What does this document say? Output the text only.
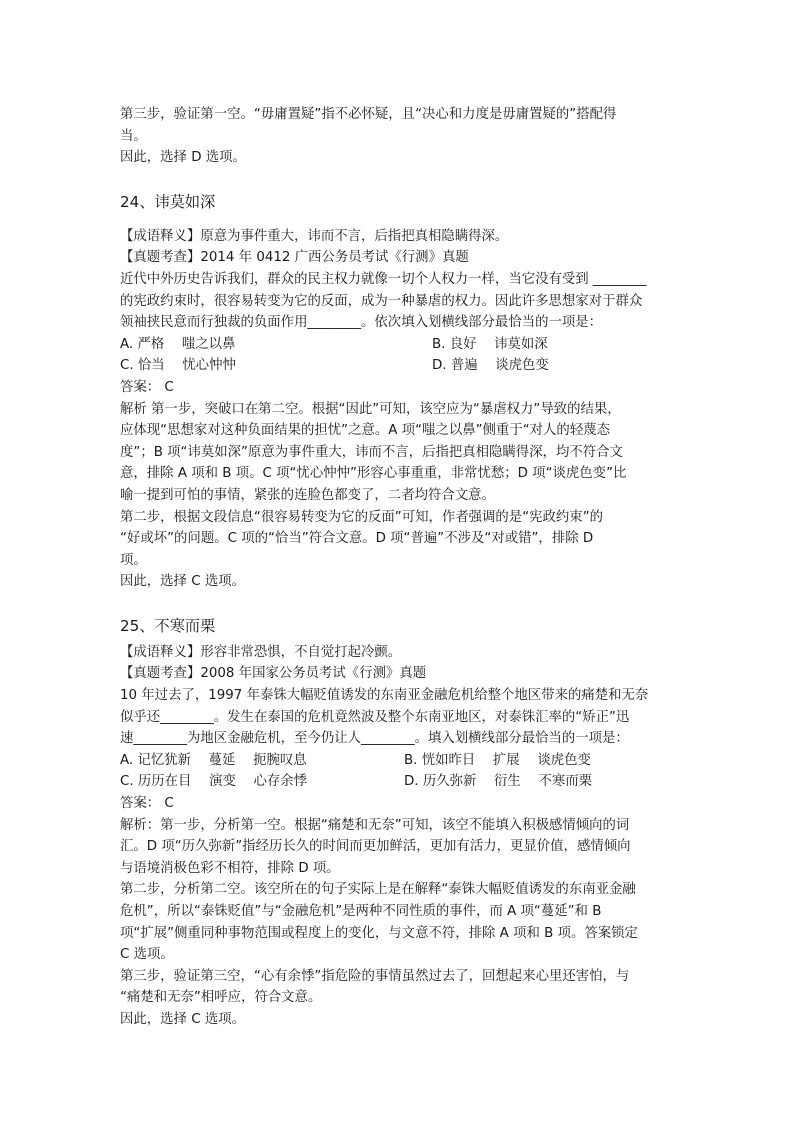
第三步，验证第一空。“毋庸置疑”指不必怀疑，且“决心和力度是毋庸置疑的”搭配得

当。

因此，选择 D 选项。

24、讳莫如深

【成语释义】原意为事件重大，讳而不言，后指把真相隐瞒得深。

【真题考查】2014 年 0412 广西公务员考试《行测》真题

近代中外历史告诉我们，群众的民主权力就像一切个人权力一样，当它没有受到 ________

的宪政约束时，很容易转变为它的反面，成为一种暴虐的权力。因此许多思想家对于群众

领袖挟民意而行独裁的负面作用________。依次填入划横线部分最恰当的一项是：

A. 严格　 嗤之以鼻	B. 良好　 讳莫如深
C. 恰当　 忧心忡忡	D. 普遍　 谈虎色变

答案： C

解析 第一步，突破口在第二空。根据“因此”可知，该空应为“暴虐权力”导致的结果，

应体现“思想家对这种负面结果的担忧”之意。A 项“嗤之以鼻”侧重于“对人的轻蔑态

度”；B 项“讳莫如深”原意为事件重大，讳而不言，后指把真相隐瞒得深，均不符合文

意，排除 A 项和 B 项。C 项“忧心忡忡”形容心事重重，非常忧愁；D 项“谈虎色变”比

喻一提到可怕的事情，紧张的连脸色都变了，二者均符合文意。

第二步，根据文段信息“很容易转变为它的反面”可知，作者强调的是“宪政约束”的

“好或坏”的问题。C 项的“恰当”符合文意。D 项“普遍”不涉及“对或错”，排除 D

项。

因此，选择 C 选项。

25、不寒而栗

【成语释义】形容非常恐惧，不自觉打起冷颤。

【真题考查】2008 年国家公务员考试《行测》真题

10 年过去了，1997 年泰铢大幅贬值诱发的东南亚金融危机给整个地区带来的痛楚和无奈

似乎还________。发生在泰国的危机竟然波及整个东南亚地区，对泰铢汇率的“矫正”迅

速________为地区金融危机，至今仍让人________。填入划横线部分最恰当的一项是：

A. 记忆犹新　 蔓延　 扼腕叹息	B. 恍如昨日　 扩展　 谈虎色变
C. 历历在目　 演变　 心存余悸	D. 历久弥新　 衍生　 不寒而栗

答案： C

解析：第一步，分析第一空。根据“痛楚和无奈”可知，该空不能填入积极感情倾向的词

汇。D 项“历久弥新”指经历长久的时间而更加鲜活，更加有活力，更显价值，感情倾向

与语境消极色彩不相符，排除 D 项。

第二步，分析第二空。该空所在的句子实际上是在解释“泰铢大幅贬值诱发的东南亚金融

危机”，所以“泰铢贬值”与“金融危机”是两种不同性质的事件，而 A 项“蔓延”和 B

项“扩展”侧重同种事物范围或程度上的变化，与文意不符，排除 A 项和 B 项。答案锁定

C 选项。

第三步，验证第三空，“心有余悸”指危险的事情虽然过去了，回想起来心里还害怕，与

“痛楚和无奈”相呼应，符合文意。

因此，选择 C 选项。
